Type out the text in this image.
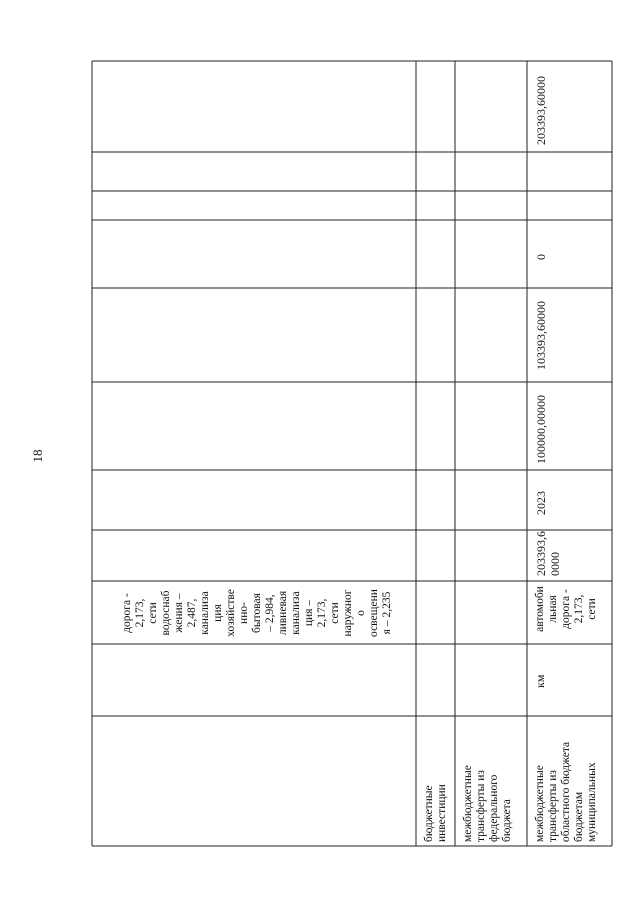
18
дорога - 2,173, сети водоснаб жения – 2,487, канализа ция хозяйстве нно- бытовая – 2,984, ливневая канализа ция – 2,173, сети наружног о освещени я – 2,235
бюджетные инвестиции межбюджетные трансферты из федерального бюджета межбюджетные трансферты из областного бюджета бюджетам муниципальных
км
автомоби льная дорога - 2,173, сети
203393,6 0000
2023
100000,00000
103393,60000
0
203393,60000
